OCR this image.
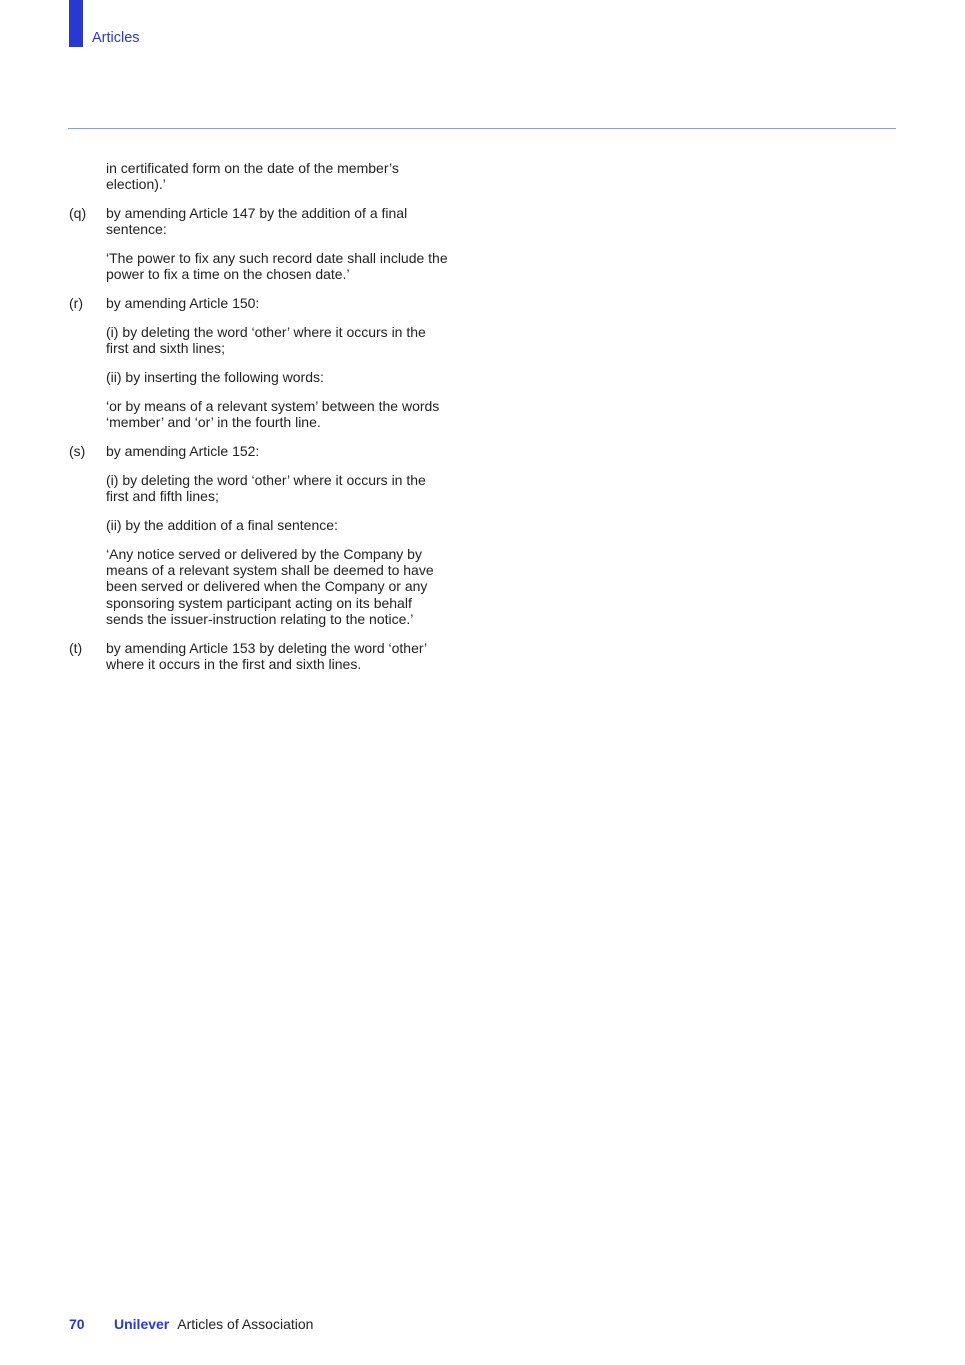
Articles

in certificated form on the date of the member’s
election).’

(q)	by amending Article 147 by the addition of a final
sentence:

‘The power to fix any such record date shall include the
power to fix a time on the chosen date.’

(r)	by amending Article 150:

(i) by deleting the word ‘other’ where it occurs in the
first and sixth lines;

(ii) by inserting the following words:

‘or by means of a relevant system’ between the words
‘member’ and ‘or’ in the fourth line.

(s)	by amending Article 152:

(i) by deleting the word ‘other’ where it occurs in the
first and fifth lines;

(ii) by the addition of a final sentence:

‘Any notice served or delivered by the Company by
means of a relevant system shall be deemed to have
been served or delivered when the Company or any
sponsoring system participant acting on its behalf
sends the issuer-instruction relating to the notice.’

(t)	by amending Article 153 by deleting the word ‘other’
where it occurs in the first and sixth lines.
70	Unilever Articles of Association
